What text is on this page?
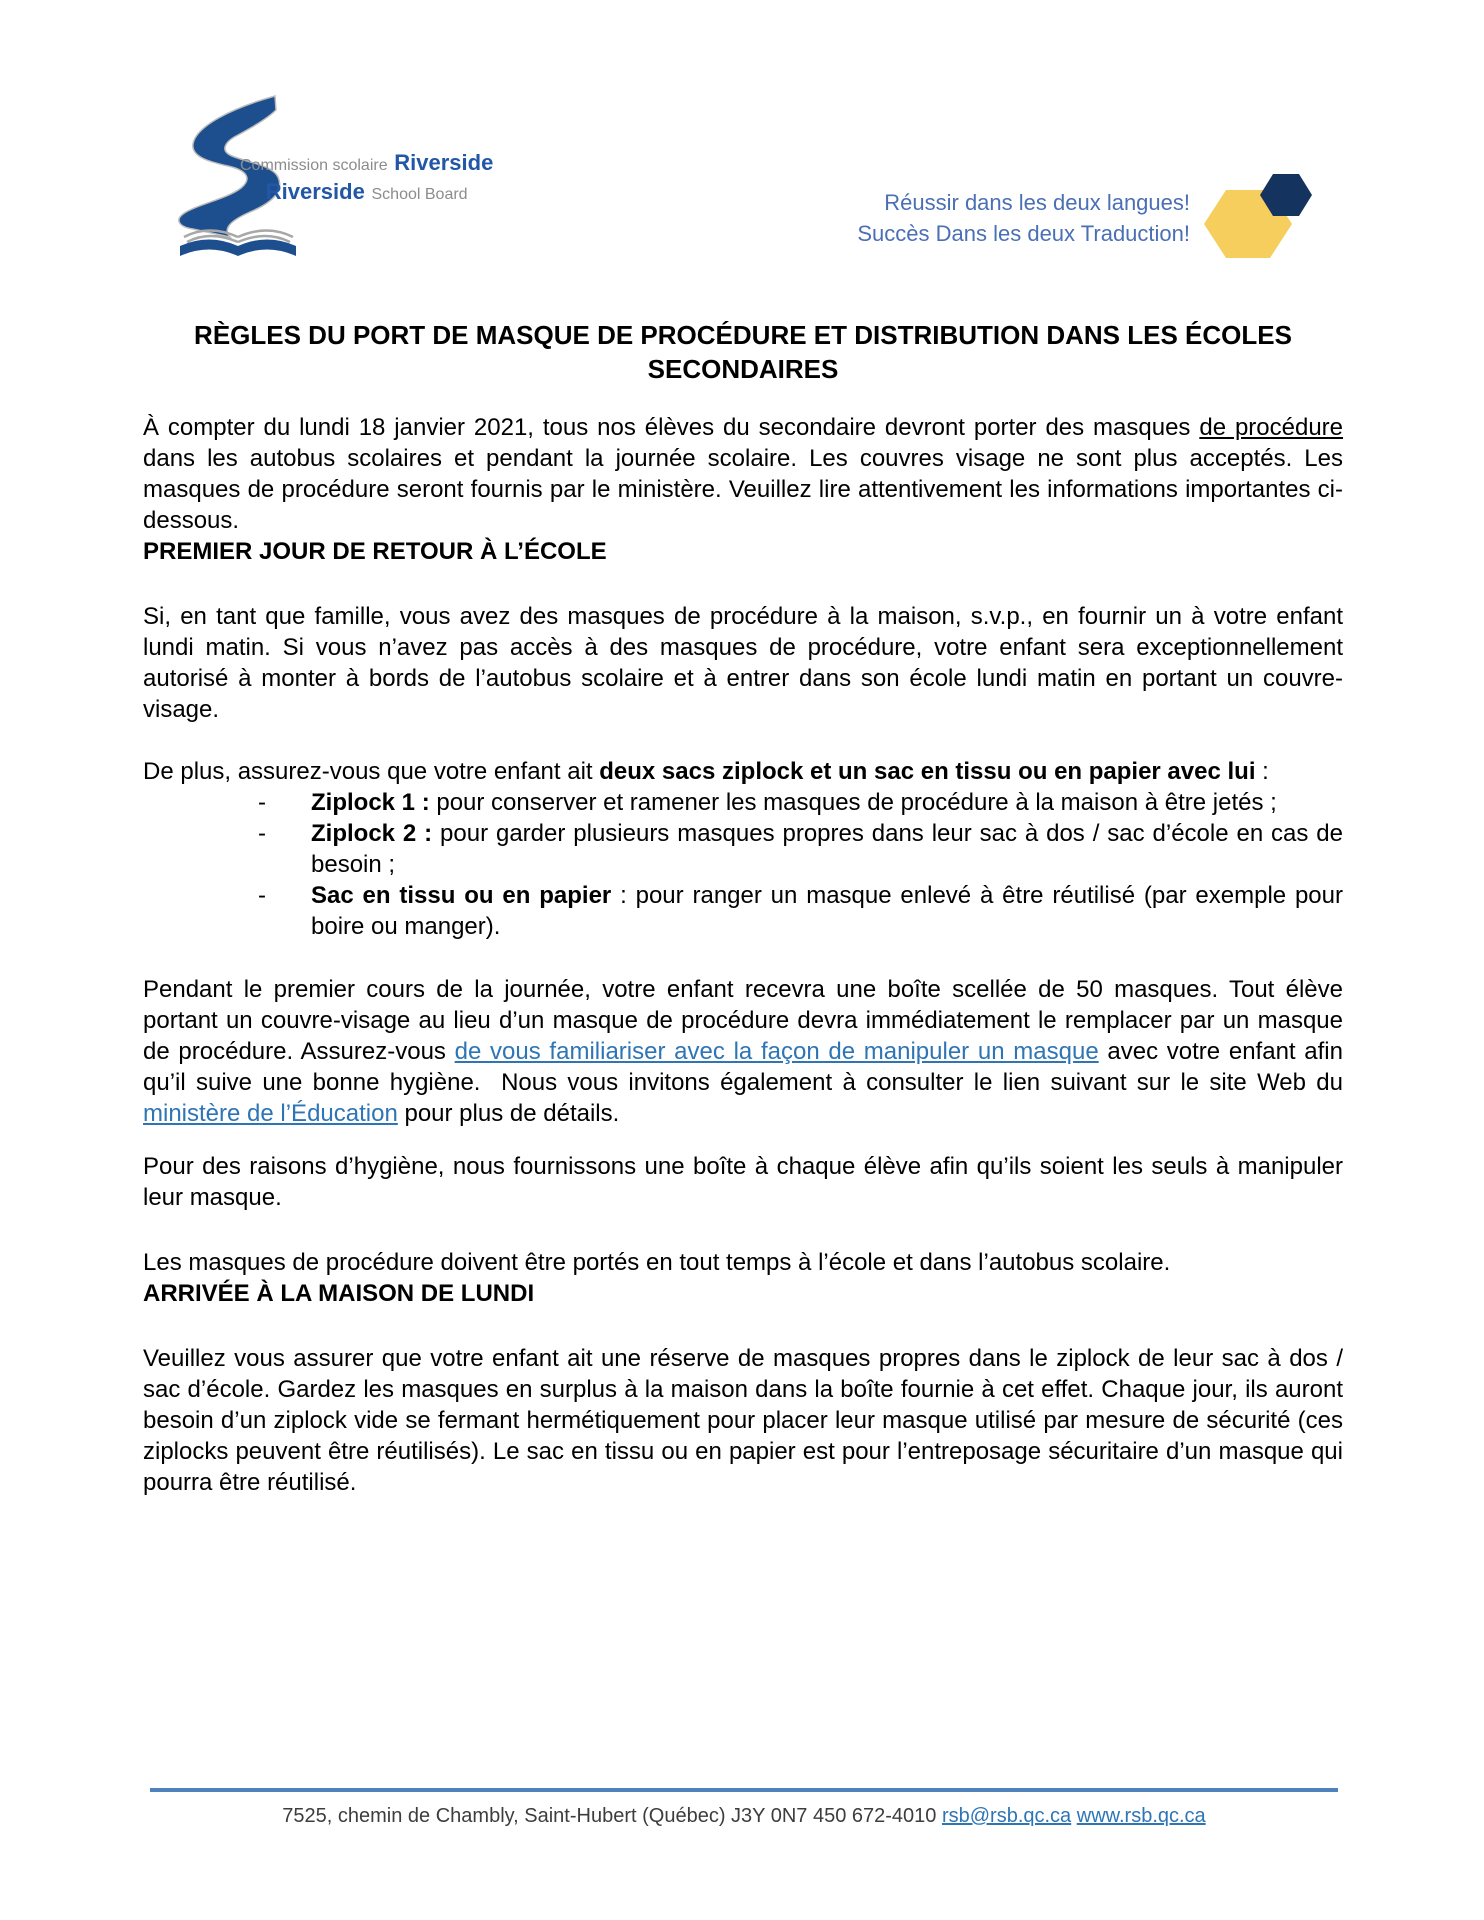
Commission scolaire Riverside
Riverside School Board	Réussir dans les deux langues!
Succès Dans les deux Traduction!
RÈGLES DU PORT DE MASQUE DE PROCÉDURE ET DISTRIBUTION DANS LES ÉCOLES
SECONDAIRES

À compter du lundi 18 janvier 2021, tous nos élèves du secondaire devront porter des masques de procédure dans les autobus scolaires et pendant la journée scolaire. Les couvres visage ne sont plus acceptés. Les masques de procédure seront fournis par le ministère. Veuillez lire attentivement les informations importantes ci-dessous.

PREMIER JOUR DE RETOUR À L’ÉCOLE

Si, en tant que famille, vous avez des masques de procédure à la maison, s.v.p., en fournir un à votre enfant lundi matin. Si vous n’avez pas accès à des masques de procédure, votre enfant sera exceptionnellement autorisé à monter à bords de l’autobus scolaire et à entrer dans son école lundi matin en portant un couvre-visage.

De plus, assurez-vous que votre enfant ait deux sacs ziplock et un sac en tissu ou en papier avec lui :

-	Ziplock 1 : pour conserver et ramener les masques de procédure à la maison à être jetés ;
-	Ziplock 2 : pour garder plusieurs masques propres dans leur sac à dos / sac d’école en cas de besoin ;
-	Sac en tissu ou en papier : pour ranger un masque enlevé à être réutilisé (par exemple pour boire ou manger).

Pendant le premier cours de la journée, votre enfant recevra une boîte scellée de 50 masques. Tout élève portant un couvre-visage au lieu d’un masque de procédure devra immédiatement le remplacer par un masque de procédure. Assurez-vous de vous familiariser avec la façon de manipuler un masque avec votre enfant afin qu’il suive une bonne hygiène.  Nous vous invitons également à consulter le lien suivant sur le site Web du ministère de l’Éducation pour plus de détails.

Pour des raisons d’hygiène, nous fournissons une boîte à chaque élève afin qu’ils soient les seuls à manipuler leur masque.

Les masques de procédure doivent être portés en tout temps à l’école et dans l’autobus scolaire.

ARRIVÉE À LA MAISON DE LUNDI

Veuillez vous assurer que votre enfant ait une réserve de masques propres dans le ziplock de leur sac à dos / sac d’école. Gardez les masques en surplus à la maison dans la boîte fournie à cet effet. Chaque jour, ils auront besoin d’un ziplock vide se fermant hermétiquement pour placer leur masque utilisé par mesure de sécurité (ces ziplocks peuvent être réutilisés). Le sac en tissu ou en papier est pour l’entreposage sécuritaire d’un masque qui pourra être réutilisé.

7525, chemin de Chambly, Saint-Hubert (Québec) J3Y 0N7 450 672-4010 rsb@rsb.qc.ca www.rsb.qc.ca
